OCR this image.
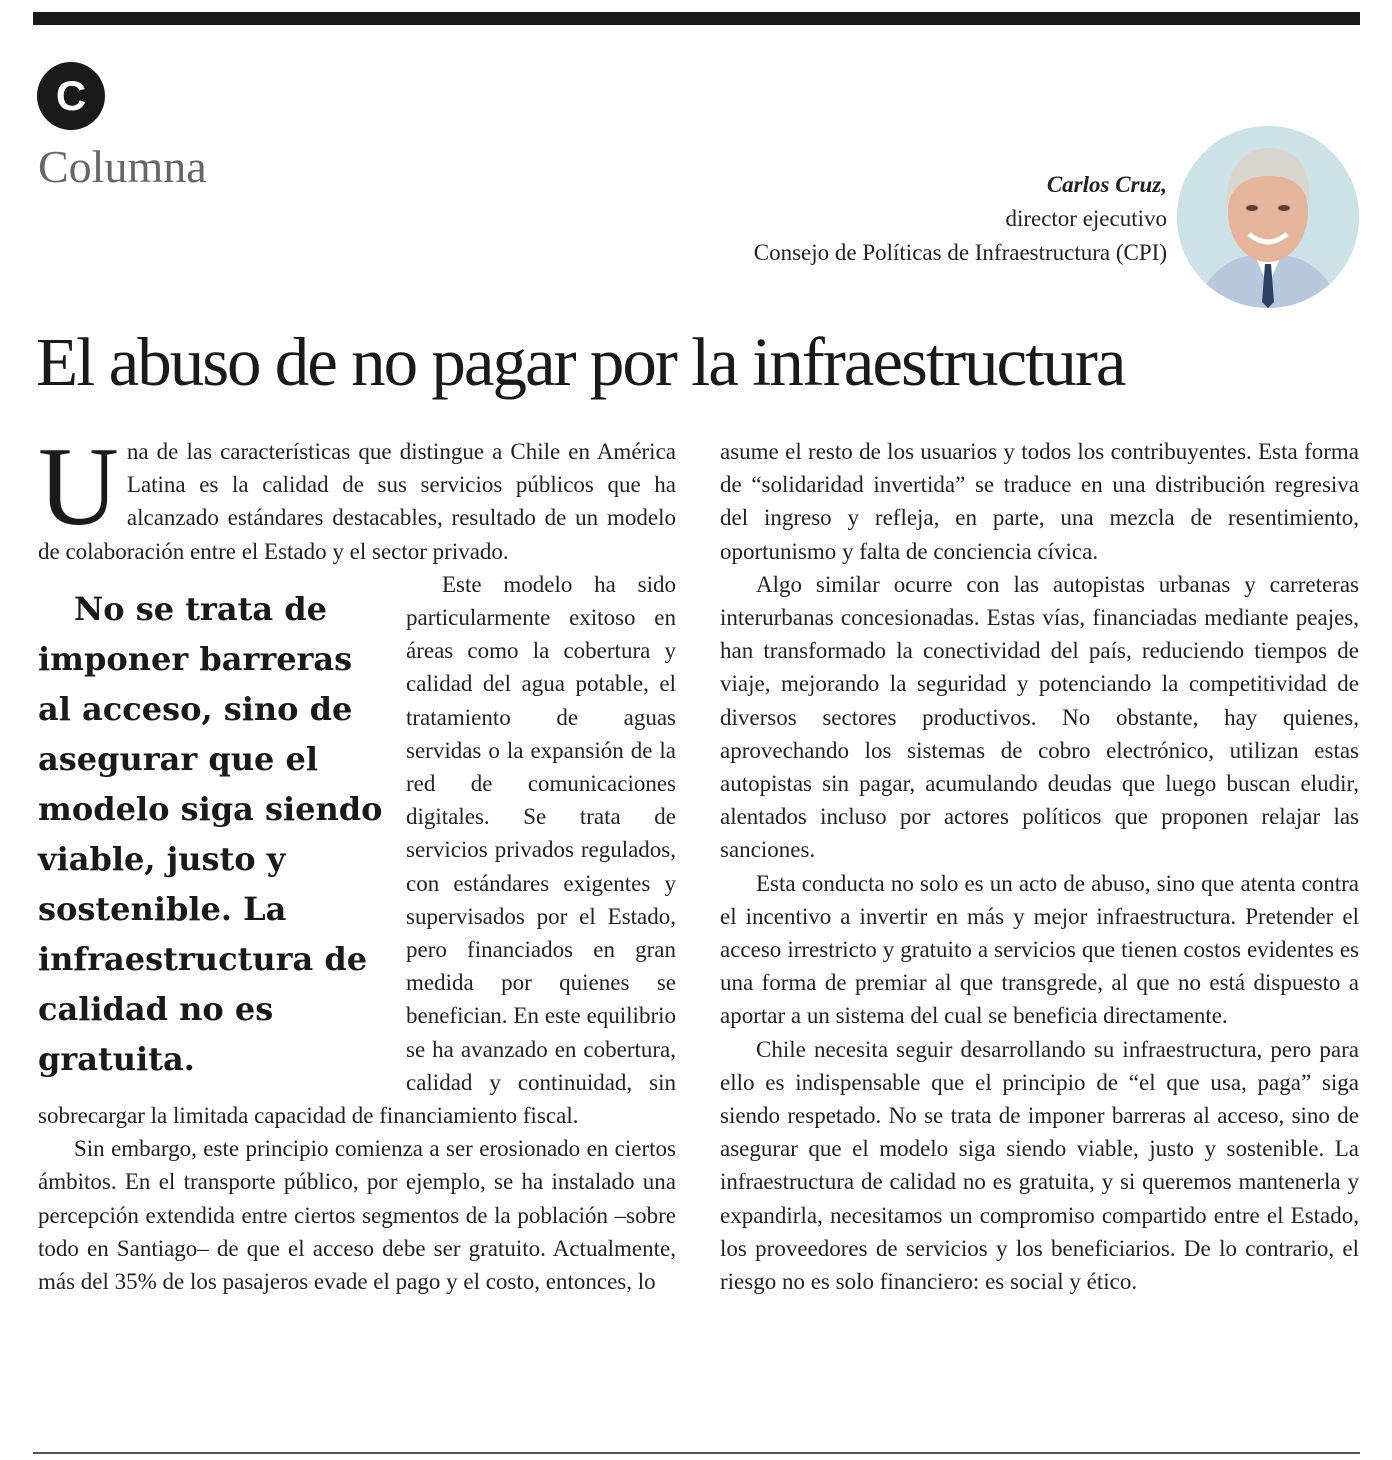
C
Columna	Carlos Cruz,
director ejecutivo
Consejo de Políticas de Infraestructura (CPI)
El abuso de no pagar por la infraestructura

Una de las características que distingue a Chile en América Latina es la calidad de sus servicios públicos que ha alcanzado estándares destacables, resultado de un modelo de colaboración entre el Estado y el sector privado.

No se trata de imponer barreras al acceso, sino de asegurar que el modelo siga siendo viable, justo y sostenible. La infraestructura de calidad no es gratuita.
Este modelo ha sido particularmente exitoso en áreas como la cobertura y calidad del agua potable, el tratamiento de aguas servidas o la expansión de la red de comunicaciones digitales. Se trata de servicios privados regulados, con estándares exigentes y supervisados por el Estado, pero financiados en gran medida por quienes se benefician. En este equilibrio se ha avanzado en cobertura, calidad y continuidad, sin sobrecargar la limitada capacidad de financiamiento fiscal.

Sin embargo, este principio comienza a ser erosionado en ciertos ámbitos. En el transporte público, por ejemplo, se ha instalado una percepción extendida entre ciertos segmentos de la población –sobre todo en Santiago– de que el acceso debe ser gratuito. Actualmente, más del 35% de los pasajeros evade el pago y el costo, entonces, lo

asume el resto de los usuarios y todos los contribuyentes. Esta forma de “solidaridad invertida” se traduce en una distribución regresiva del ingreso y refleja, en parte, una mezcla de resentimiento, oportunismo y falta de conciencia cívica.

Algo similar ocurre con las autopistas urbanas y carreteras interurbanas concesionadas. Estas vías, financiadas mediante peajes, han transformado la conectividad del país, reduciendo tiempos de viaje, mejorando la seguridad y potenciando la competitividad de diversos sectores productivos. No obstante, hay quienes, aprovechando los sistemas de cobro electrónico, utilizan estas autopistas sin pagar, acumulando deudas que luego buscan eludir, alentados incluso por actores políticos que proponen relajar las sanciones.

Esta conducta no solo es un acto de abuso, sino que atenta contra el incentivo a invertir en más y mejor infraestructura. Pretender el acceso irrestricto y gratuito a servicios que tienen costos evidentes es una forma de premiar al que transgrede, al que no está dispuesto a aportar a un sistema del cual se beneficia directamente.

Chile necesita seguir desarrollando su infraestructura, pero para ello es indispensable que el principio de “el que usa, paga” siga siendo respetado. No se trata de imponer barreras al acceso, sino de asegurar que el modelo siga siendo viable, justo y sostenible. La infraestructura de calidad no es gratuita, y si queremos mantenerla y expandirla, necesitamos un compromiso compartido entre el Estado, los proveedores de servicios y los beneficiarios. De lo contrario, el riesgo no es solo financiero: es social y ético.
